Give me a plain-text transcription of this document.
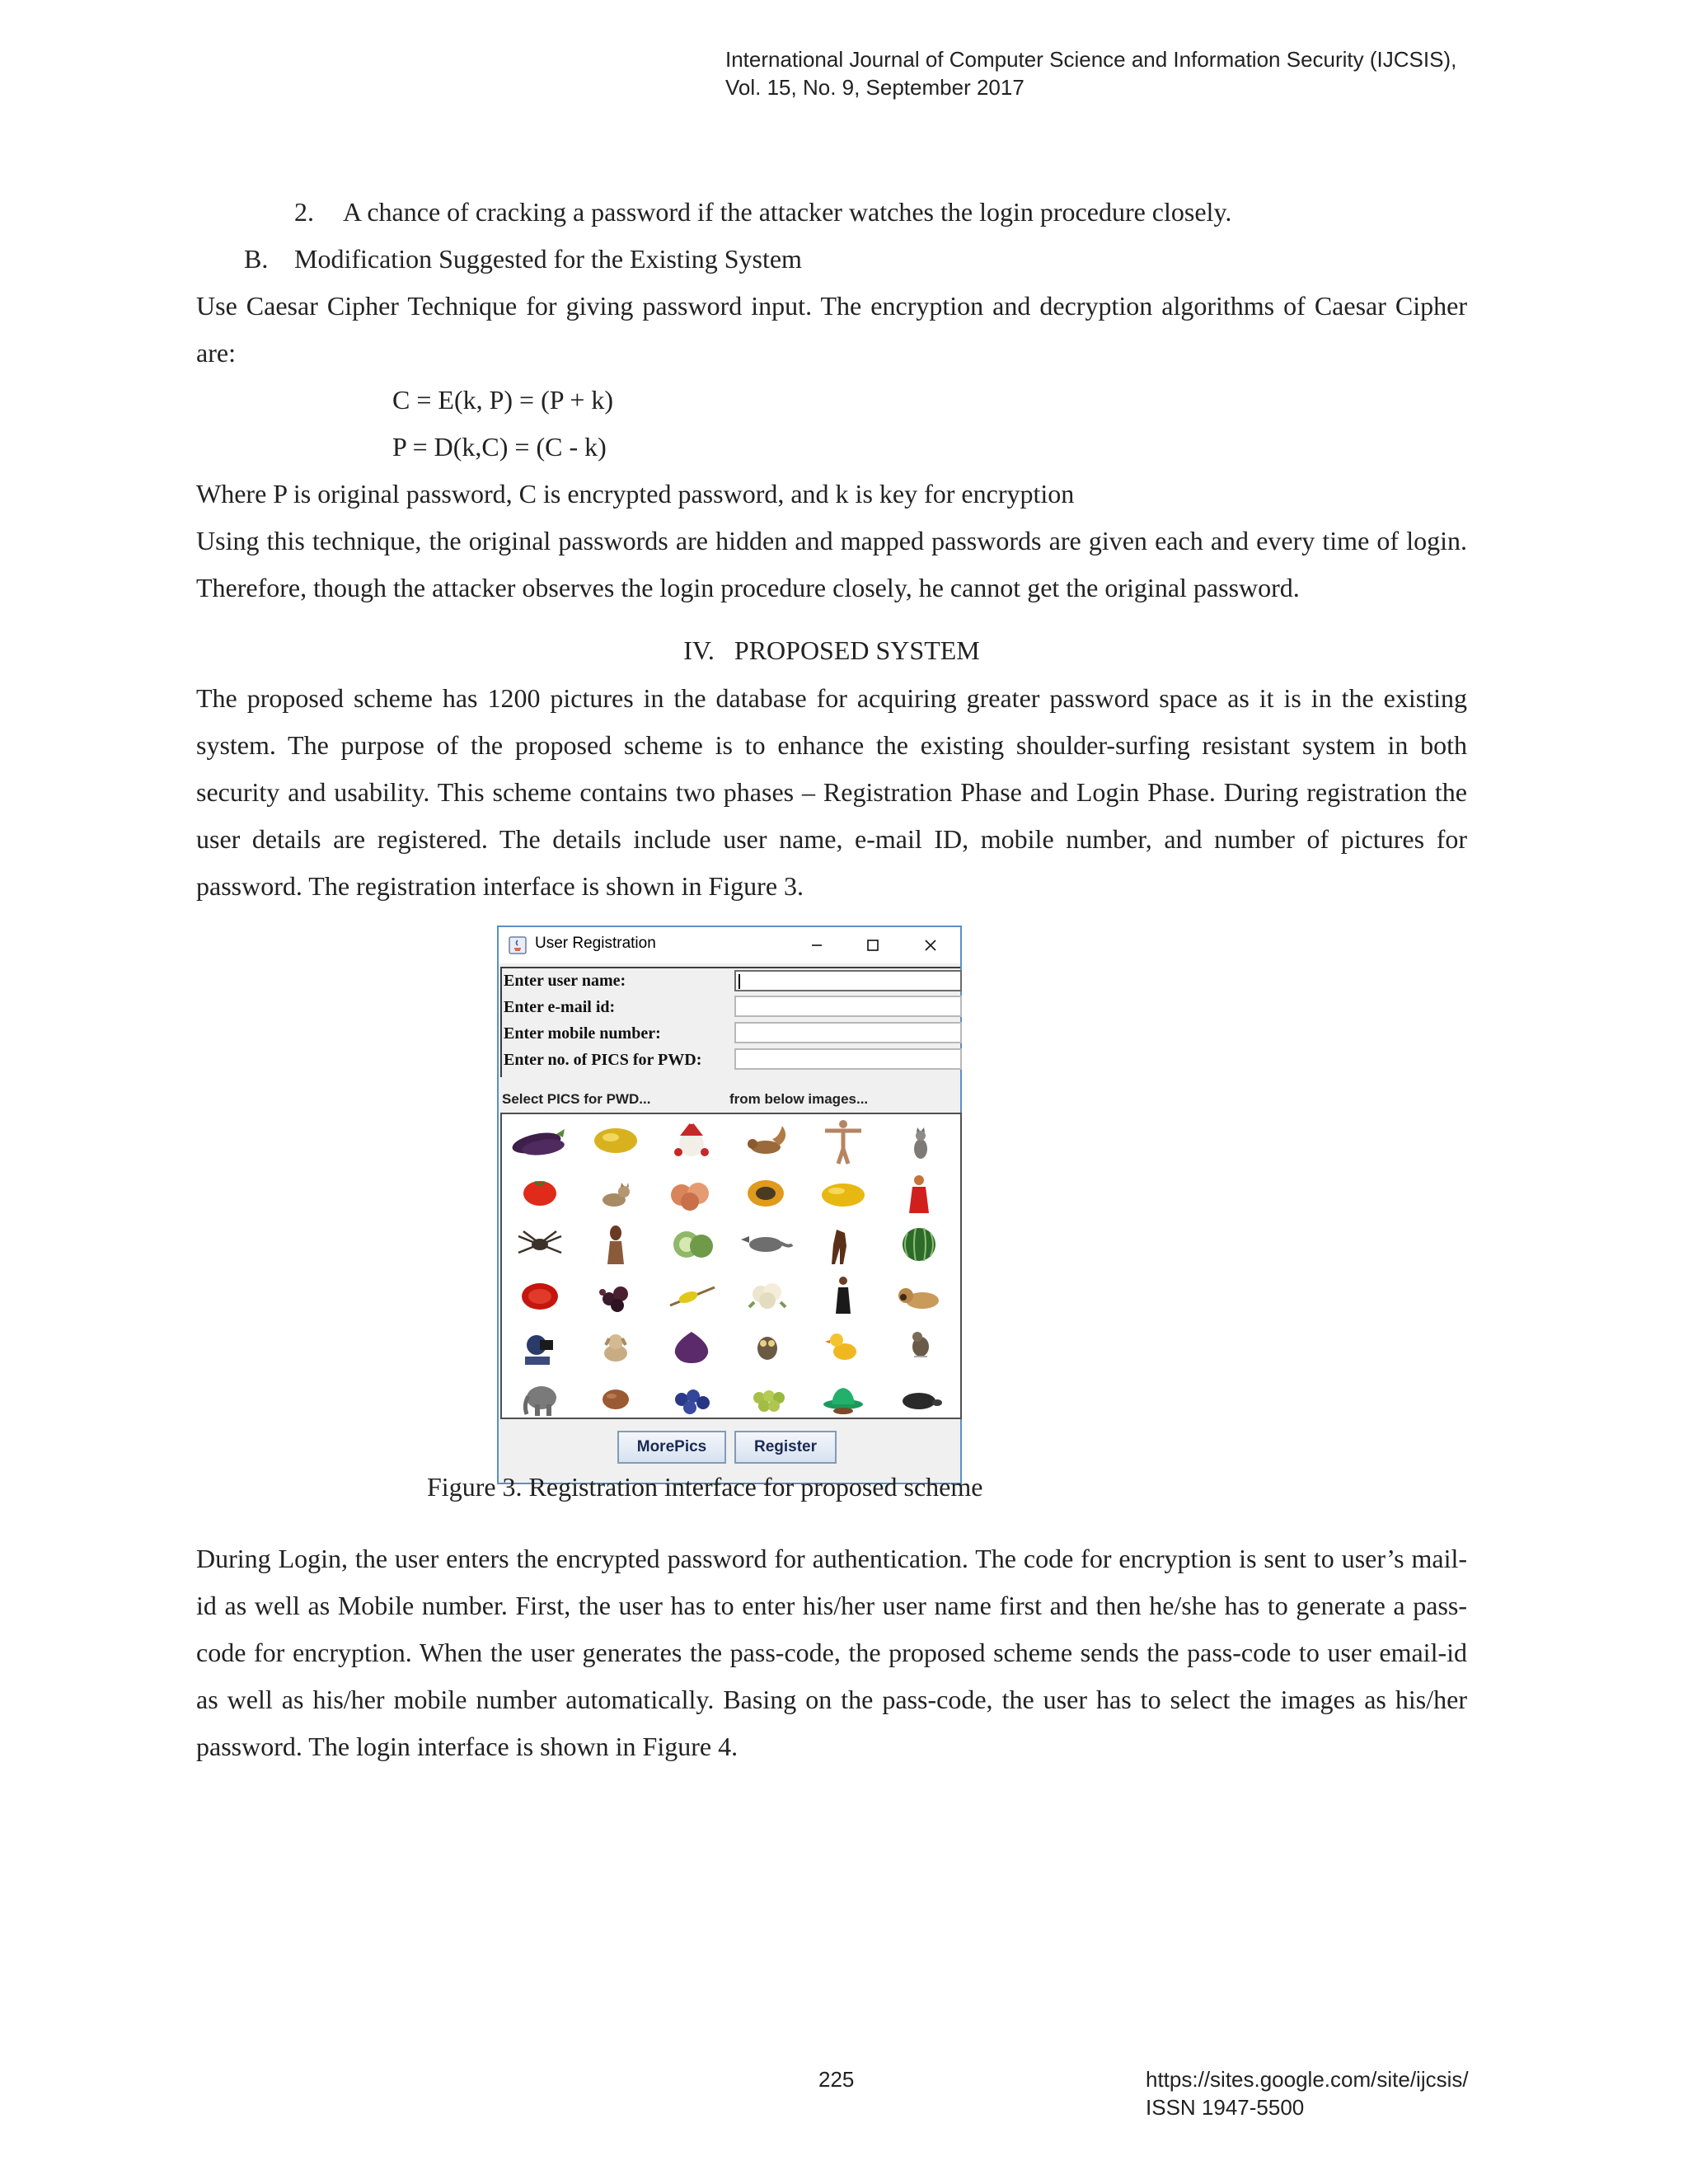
International Journal of Computer Science and Information Security (IJCSIS),
Vol. 15, No. 9, September 2017
2. A chance of cracking a password if the attacker watches the login procedure closely.
B. Modification Suggested for the Existing System
Use Caesar Cipher Technique for giving password input. The encryption and decryption algorithms of Caesar Cipher are:
C = E(k, P) = (P + k)
P = D(k,C) = (C - k)
Where P is original password, C is encrypted password, and k is key for encryption
Using this technique, the original passwords are hidden and mapped passwords are given each and every time of login. Therefore, though the attacker observes the login procedure closely, he cannot get the original password.
IV.   PROPOSED SYSTEM
The proposed scheme has 1200 pictures in the database for acquiring greater password space as it is in the existing system. The purpose of the proposed scheme is to enhance the existing shoulder-surfing resistant system in both security and usability. This scheme contains two phases – Registration Phase and Login Phase. During registration the user details are registered. The details include user name, e-mail ID, mobile number, and number of pictures for password. The registration interface is shown in Figure 3.
User Registration
Enter user name:
Enter e-mail id:
Enter mobile number:
Enter no. of PICS for PWD:
Select PICS for PWD...	from below images...
MorePics	Register
Figure 3. Registration interface for proposed scheme
During Login, the user enters the encrypted password for authentication. The code for encryption is sent to user’s mail-id as well as Mobile number. First, the user has to enter his/her user name first and then he/she has to generate a pass-code for encryption. When the user generates the pass-code, the proposed scheme sends the pass-code to user email-id as well as his/her mobile number automatically. Basing on the pass-code, the user has to select the images as his/her password. The login interface is shown in Figure 4.
225	https://sites.google.com/site/ijcsis/
ISSN 1947-5500
